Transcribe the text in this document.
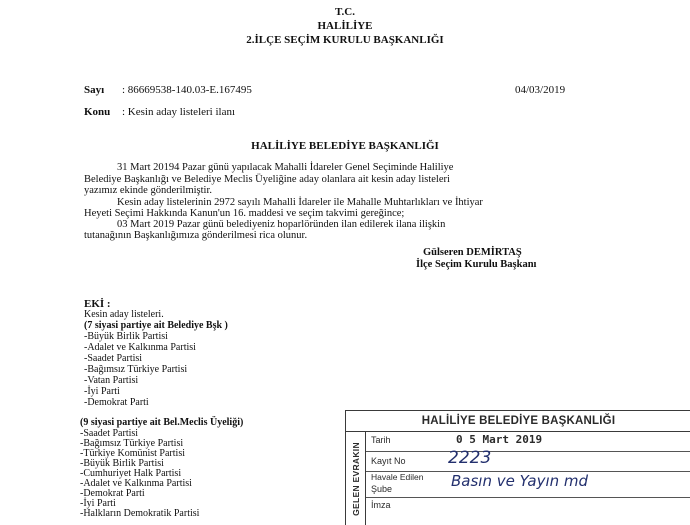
T.C.
HALİLİYE
2.İLÇE SEÇİM KURULU BAŞKANLIĞI
Sayı : 86669538-140.03-E.167495	04/03/2019
Konu : Kesin aday listeleri ilanı
HALİLİYE BELEDİYE BAŞKANLIĞI
31 Mart 20194 Pazar günü yapılacak Mahalli İdareler Genel Seçiminde Haliliye
Belediye Başkanlığı ve Belediye Meclis Üyeliğine aday olanlara ait kesin aday listeleri
yazımız ekinde gönderilmiştir.
Kesin aday listelerinin 2972 sayılı Mahalli İdareler ile Mahalle Muhtarlıkları ve İhtiyar
Heyeti Seçimi Hakkında Kanun'un 16. maddesi ve seçim takvimi gereğince;
03 Mart 2019 Pazar günü belediyeniz hoparlöründen ilan edilerek ilana ilişkin
tutanağının Başkanlığımıza gönderilmesi rica olunur.
Gülseren DEMİRTAŞ
İlçe Seçim Kurulu Başkanı
EKİ :
Kesin aday listeleri.
(7 siyasi partiye ait Belediye Bşk )
-Büyük Birlik Partisi
-Adalet ve Kalkınma Partisi
-Saadet Partisi
-Bağımsız Türkiye Partisi
-Vatan Partisi
-İyi Parti
-Demokrat Parti
(9 siyasi partiye ait Bel.Meclis Üyeliği)
-Saadet Partisi
-Bağımsız Türkiye Partisi
-Türkiye Komünist Partisi
-Büyük Birlik Partisi
-Cumhuriyet Halk Partisi
-Adalet ve Kalkınma Partisi
-Demokrat Parti
-İyi Parti
-Halkların Demokratik Partisi
HALİLİYE BELEDİYE BAŞKANLIĞI
GELEN EVRAKIN
Tarih	0 5 Mart 2019
Kayıt No 2223
Havale Edilen
Şube	Basın ve Yayın md
İmza
